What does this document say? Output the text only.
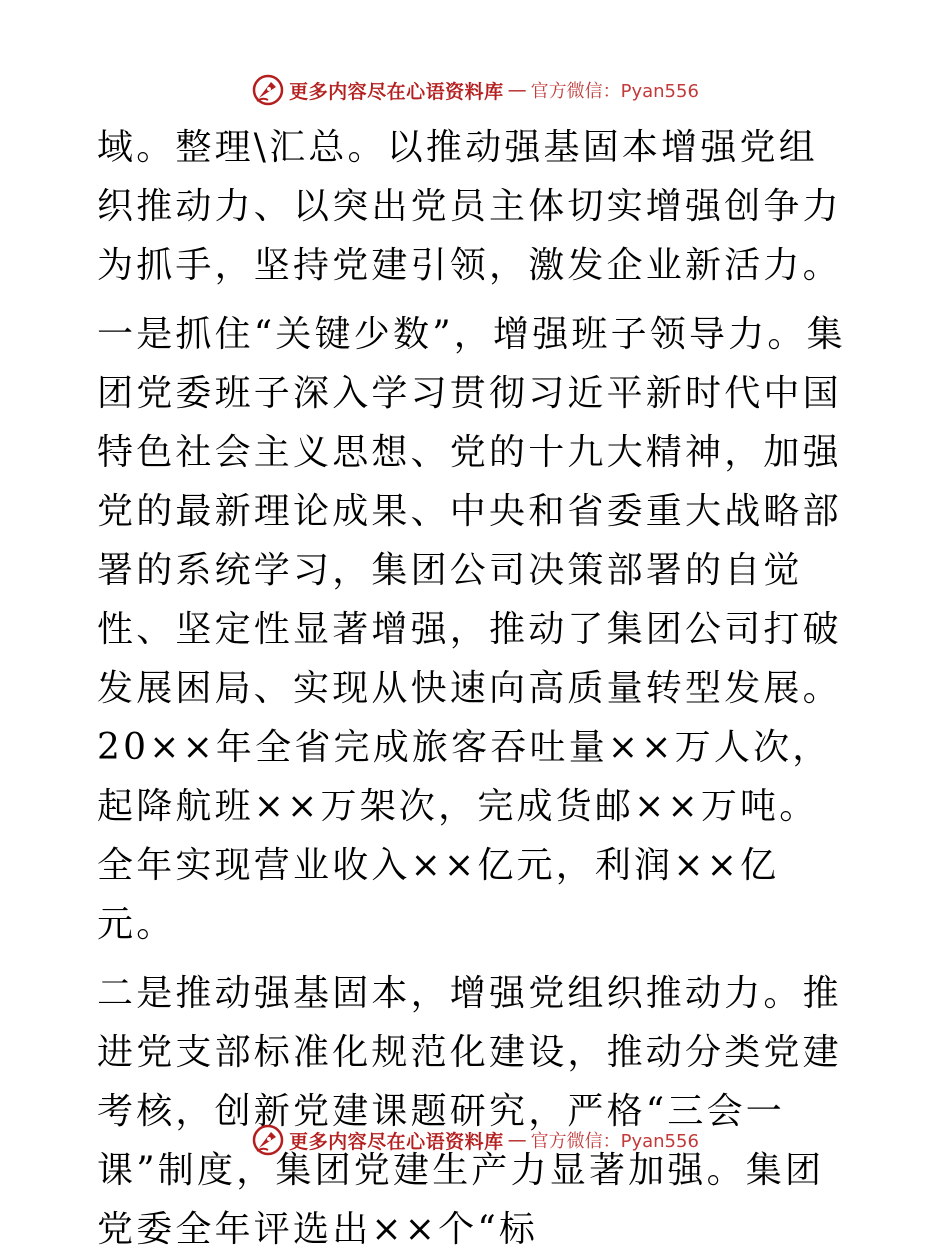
更多内容尽在心语资料库 — 官方微信：Pyan556

域。整理\汇总。以推动强基固本增强党组织推动力、以突出党员主体切实增强创争力为抓手，坚持党建引领，激发企业新活力。

一是抓住“关键少数”，增强班子领导力。集团党委班子深入学习贯彻习近平新时代中国特色社会主义思想、党的十九大精神，加强党的最新理论成果、中央和省委重大战略部署的系统学习，集团公司决策部署的自觉性、坚定性显著增强，推动了集团公司打破发展困局、实现从快速向高质量转型发展。20××年全省完成旅客吞吐量××万人次，起降航班××万架次，完成货邮××万吨。全年实现营业收入××亿元，利润××亿元。

二是推动强基固本，增强党组织推动力。推进党支部标准化规范化建设，推动分类党建考核，创新党建课题研究，严格“三会一课”制度，集团党建生产力显著加强。集团党委全年评选出××个“标

更多内容尽在心语资料库 — 官方微信：Pyan556
